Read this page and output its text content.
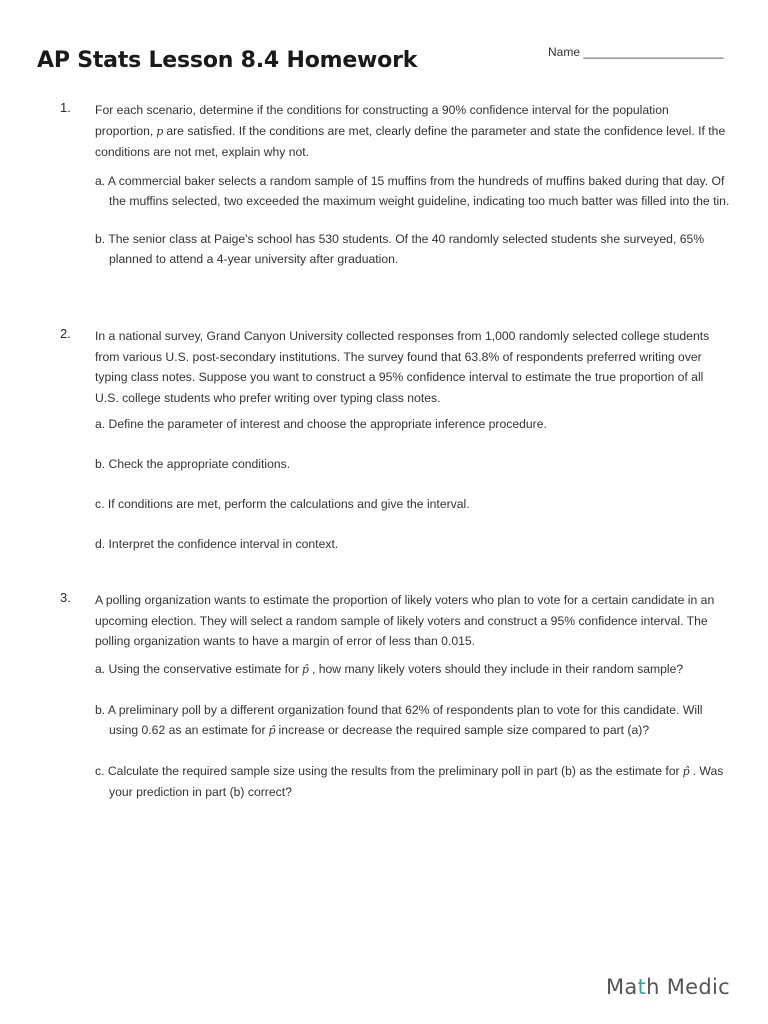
AP Stats Lesson 8.4 Homework	Name _____________________
1. For each scenario, determine if the conditions for constructing a 90% confidence interval for the population proportion, p are satisfied. If the conditions are met, clearly define the parameter and state the confidence level. If the conditions are not met, explain why not.
a. A commercial baker selects a random sample of 15 muffins from the hundreds of muffins baked during that day. Of the muffins selected, two exceeded the maximum weight guideline, indicating too much batter was filled into the tin.
b. The senior class at Paige's school has 530 students. Of the 40 randomly selected students she surveyed, 65% planned to attend a 4-year university after graduation.
2. In a national survey, Grand Canyon University collected responses from 1,000 randomly selected college students from various U.S. post-secondary institutions. The survey found that 63.8% of respondents preferred writing over typing class notes. Suppose you want to construct a 95% confidence interval to estimate the true proportion of all U.S. college students who prefer writing over typing class notes.
a. Define the parameter of interest and choose the appropriate inference procedure.
b. Check the appropriate conditions.
c. If conditions are met, perform the calculations and give the interval.
d. Interpret the confidence interval in context.
3. A polling organization wants to estimate the proportion of likely voters who plan to vote for a certain candidate in an upcoming election. They will select a random sample of likely voters and construct a 95% confidence interval. The polling organization wants to have a margin of error of less than 0.015.
a. Using the conservative estimate for p̂ , how many likely voters should they include in their random sample?
b. A preliminary poll by a different organization found that 62% of respondents plan to vote for this candidate. Will using 0.62 as an estimate for p̂ increase or decrease the required sample size compared to part (a)?
c. Calculate the required sample size using the results from the preliminary poll in part (b) as the estimate for p̂ . Was your prediction in part (b) correct?
Math Medic
